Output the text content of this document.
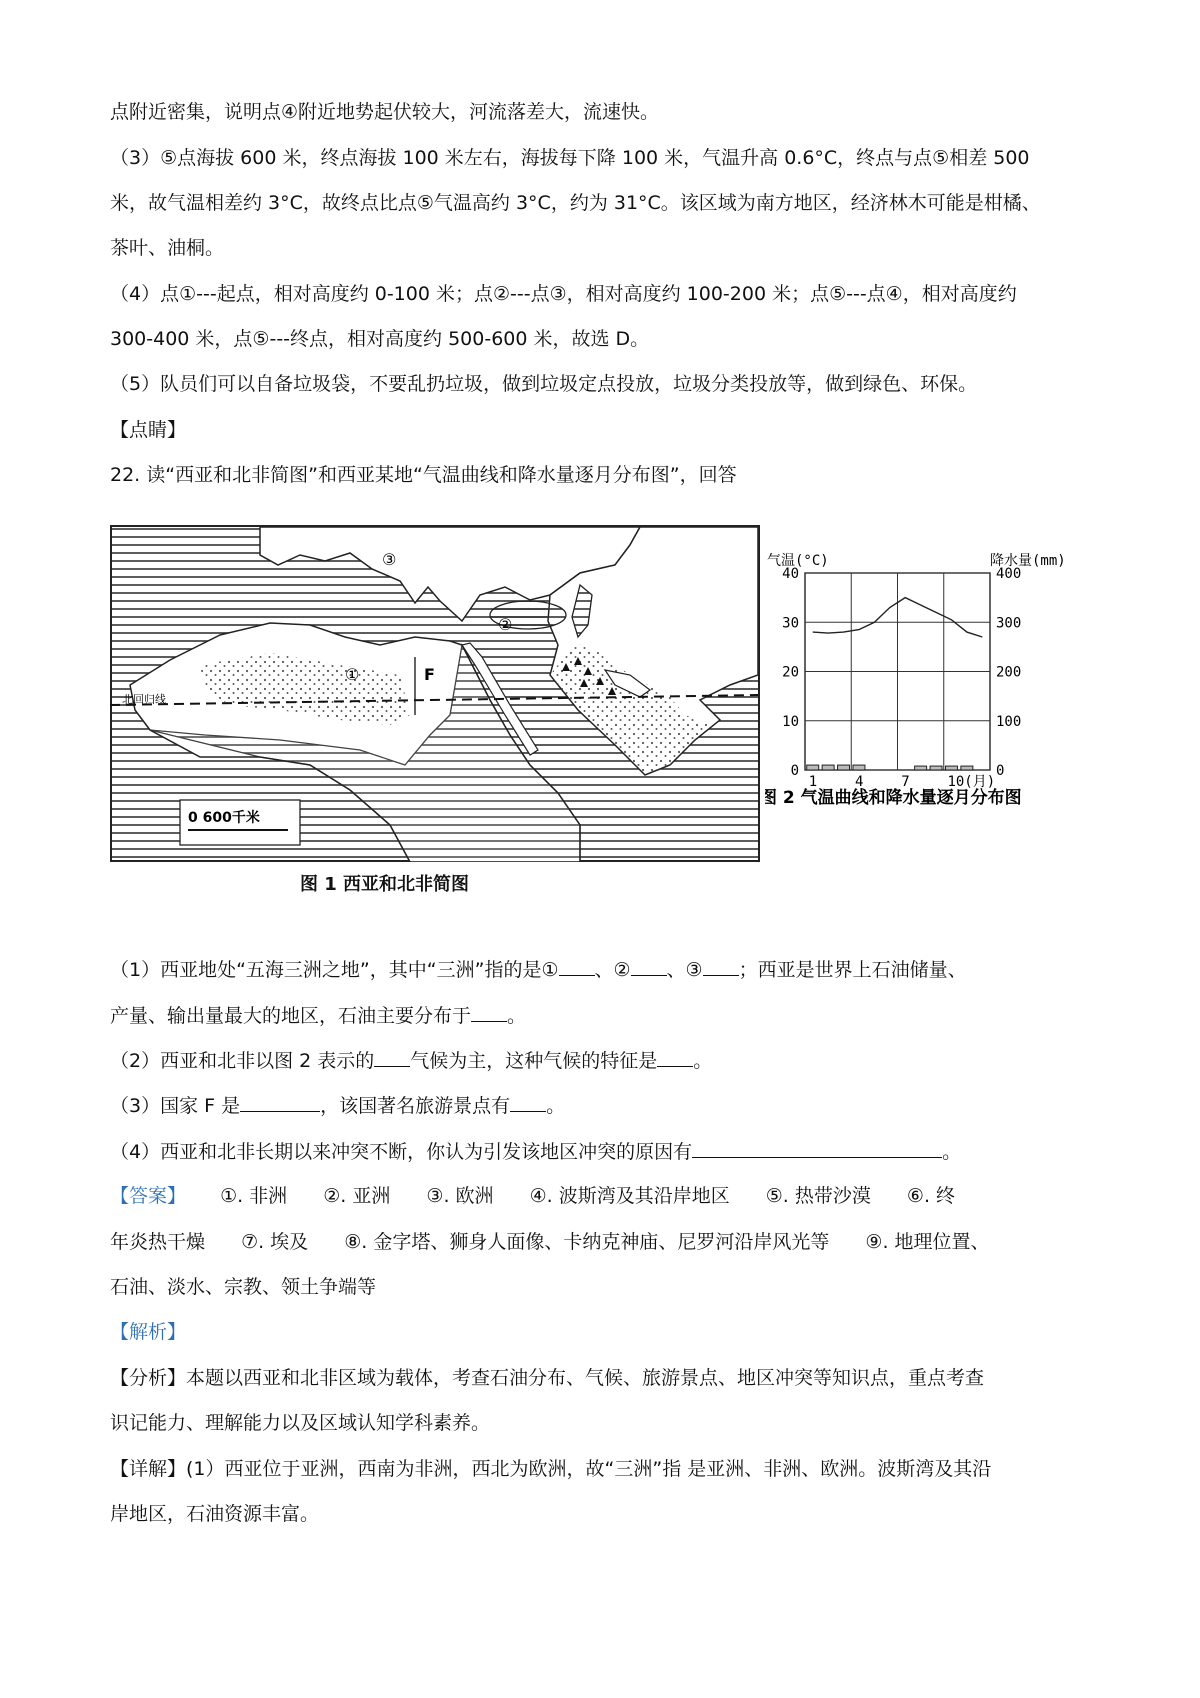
点附近密集，说明点④附近地势起伏较大，河流落差大，流速快。
（3）⑤点海拔 600 米，终点海拔 100 米左右，海拔每下降 100 米，气温升高 0.6°C，终点与点⑤相差 500
米，故气温相差约 3°C，故终点比点⑤气温高约 3°C，约为 31°C。该区域为南方地区，经济林木可能是柑橘、
茶叶、油桐。
（4）点①---起点，相对高度约 0-100 米；点②---点③，相对高度约 100-200 米；点⑤---点④，相对高度约
300-400 米，点⑤---终点，相对高度约 500-600 米，故选 D。
（5）队员们可以自备垃圾袋，不要乱扔垃圾，做到垃圾定点投放，垃圾分类投放等，做到绿色、环保。
【点睛】
22. 读“西亚和北非简图”和西亚某地“气温曲线和降水量逐月分布图”，回答
北回归线
③
②
①	F
0 600千米
图 1 西亚和北非简图
气温(°C)	降水量(mm)
0
10
20
30
40
0
100
200
300
400
1	4	7	10(月)
图 2 气温曲线和降水量逐月分布图
（1）西亚地处“五海三洲之地”，其中“三洲”指的是① 、② 、③ ；西亚是世界上石油储量、
产量、输出量最大的地区，石油主要分布于 。
（2）西亚和北非以图 2 表示的 气候为主，这种气候的特征是 。
（3）国家 F 是	，该国著名旅游景点有 。
（4）西亚和北非长期以来冲突不断，你认为引发该地区冲突的原因有	。
【答案】 ①. 非洲 ②. 亚洲 ③. 欧洲 ④. 波斯湾及其沿岸地区 ⑤. 热带沙漠 ⑥. 终
年炎热干燥 ⑦. 埃及 ⑧. 金字塔、狮身人面像、卡纳克神庙、尼罗河沿岸风光等 ⑨. 地理位置、
石油、淡水、宗教、领土争端等
【解析】
【分析】本题以西亚和北非区域为载体，考查石油分布、气候、旅游景点、地区冲突等知识点，重点考查
识记能力、理解能力以及区域认知学科素养。
【详解】(1）西亚位于亚洲，西南为非洲，西北为欧洲，故“三洲”指 是亚洲、非洲、欧洲。波斯湾及其沿
岸地区，石油资源丰富。
